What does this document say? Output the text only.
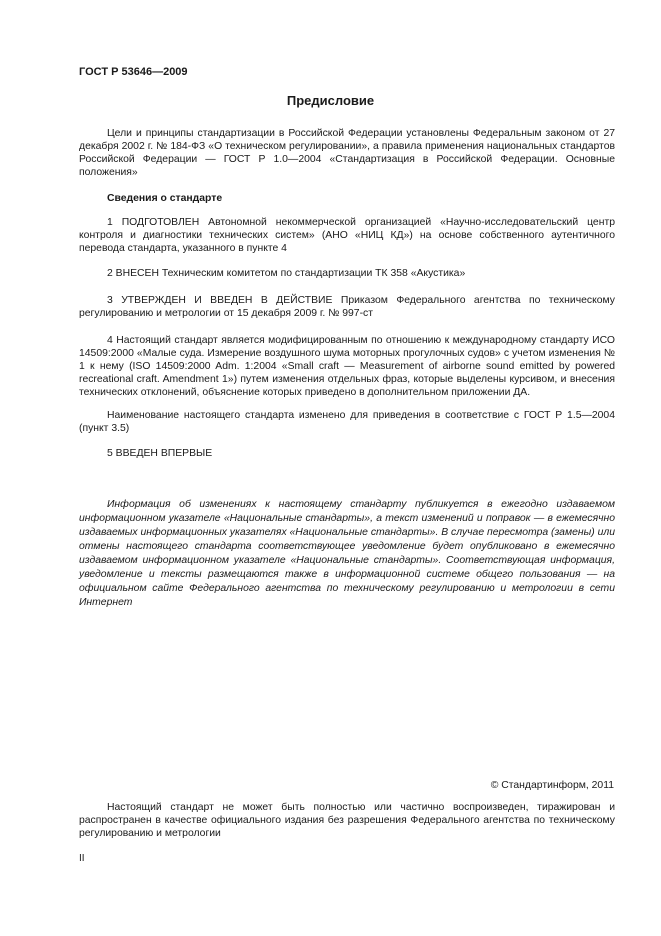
ГОСТ Р 53646—2009
Предисловие
Цели и принципы стандартизации в Российской Федерации установлены Федеральным законом от 27 декабря 2002 г. № 184-ФЗ «О техническом регулировании», а правила применения национальных стандартов Российской Федерации — ГОСТ Р 1.0—2004 «Стандартизация в Российской Федерации. Основные положения»
Сведения о стандарте
1 ПОДГОТОВЛЕН Автономной некоммерческой организацией «Научно-исследовательский центр контроля и диагностики технических систем» (АНО «НИЦ КД») на основе собственного аутентичного перевода стандарта, указанного в пункте 4
2 ВНЕСЕН Техническим комитетом по стандартизации ТК 358 «Акустика»
3 УТВЕРЖДЕН И ВВЕДЕН В ДЕЙСТВИЕ Приказом Федерального агентства по техническому регулированию и метрологии от 15 декабря 2009 г. № 997-ст
4 Настоящий стандарт является модифицированным по отношению к международному стандарту ИСО 14509:2000 «Малые суда. Измерение воздушного шума моторных прогулочных судов» с учетом изменения № 1 к нему (ISO 14509:2000 Adm. 1:2004 «Small craft — Measurement of airborne sound emitted by powered recreational craft. Amendment 1») путем изменения отдельных фраз, которые выделены курсивом, и внесения технических отклонений, объяснение которых приведено в дополнительном приложении ДА.
Наименование настоящего стандарта изменено для приведения в соответствие с ГОСТ Р 1.5—2004 (пункт 3.5)
5 ВВЕДЕН ВПЕРВЫЕ
Информация об изменениях к настоящему стандарту публикуется в ежегодно издаваемом информационном указателе «Национальные стандарты», а текст изменений и поправок — в ежемесячно издаваемых информационных указателях «Национальные стандарты». В случае пересмотра (замены) или отмены настоящего стандарта соответствующее уведомление будет опубликовано в ежемесячно издаваемом информационном указателе «Национальные стандарты». Соответствующая информация, уведомление и тексты размещаются также в информационной системе общего пользования — на официальном сайте Федерального агентства по техническому регулированию и метрологии в сети Интернет
© Стандартинформ, 2011
Настоящий стандарт не может быть полностью или частично воспроизведен, тиражирован и распространен в качестве официального издания без разрешения Федерального агентства по техническому регулированию и метрологии
II
